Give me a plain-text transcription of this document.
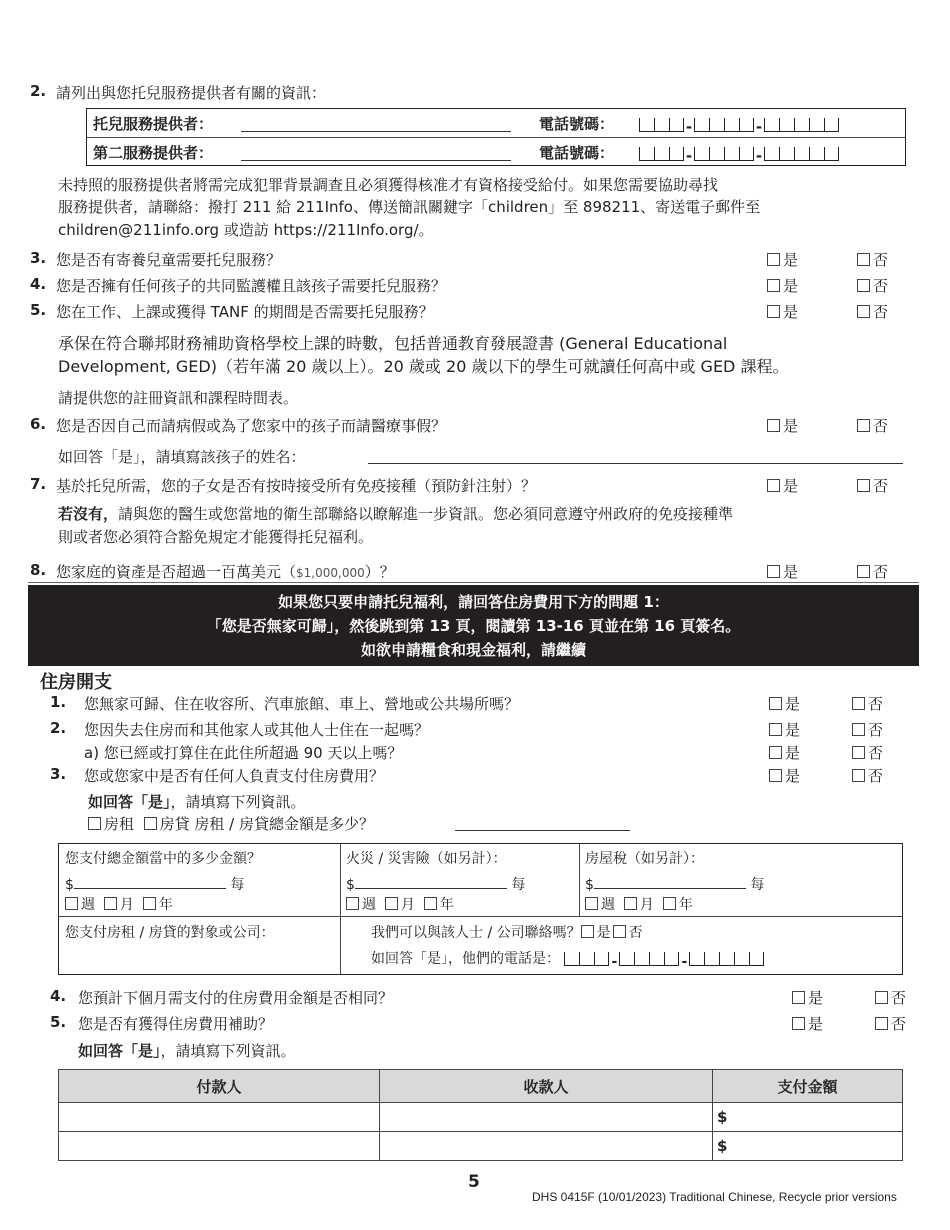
2. 請列出與您托兒服務提供者有關的資訊：
托兒服務提供者：	電話號碼：	-	-
第二服務提供者：	電話號碼：	-	-
未持照的服務提供者將需完成犯罪背景調查且必須獲得核准才有資格接受給付。如果您需要協助尋找
服務提供者，請聯絡：撥打 211 給 211Info、傳送簡訊關鍵字「children」至 898211、寄送電子郵件至
children@211info.org 或造訪 https://211Info.org/。
3. 您是否有寄養兒童需要托兒服務？	是	否
4. 您是否擁有任何孩子的共同監護權且該孩子需要托兒服務？	是	否
5. 您在工作、上課或獲得 TANF 的期間是否需要托兒服務？	是	否
承保在符合聯邦財務補助資格學校上課的時數，包括普通教育發展證書 (General Educational
Development, GED)（若年滿 20 歲以上）。20 歲或 20 歲以下的學生可就讀任何高中或 GED 課程。
請提供您的註冊資訊和課程時間表。
6. 您是否因自己而請病假或為了您家中的孩子而請醫療事假？	是	否
如回答「是」，請填寫該孩子的姓名：
7. 基於托兒所需，您的子女是否有按時接受所有免疫接種（預防針注射）？	是	否
若沒有，請與您的醫生或您當地的衛生部聯絡以瞭解進一步資訊。您必須同意遵守州政府的免疫接種準
則或者您必須符合豁免規定才能獲得托兒福利。
8. 您家庭的資產是否超過一百萬美元（$1,000,000）？	是	否
如果您只要申請托兒福利，請回答住房費用下方的問題 1：
「您是否無家可歸」，然後跳到第 13 頁，閱讀第 13-16 頁並在第 16 頁簽名。
如欲申請糧食和現金福利，請繼續
住房開支
1. 您無家可歸、住在收容所、汽車旅館、車上、營地或公共場所嗎？	是	否
2. 您因失去住房而和其他家人或其他人士住在一起嗎？	是	否
a) 您已經或打算住在此住所超過 90 天以上嗎？	是	否
3. 您或您家中是否有任何人負責支付住房費用？	是	否
如回答「是」，請填寫下列資訊。
房租 房貸 房租 / 房貸總金額是多少？
您支付總金額當中的多少金額？
$	每
週 月 年
火災 / 災害險（如另計）：
$	每
週 月 年
房屋稅（如另計）：
$	每
週 月 年
您支付房租 / 房貸的對象或公司：	我們可以與該人士 / 公司聯絡嗎？ 是 否
如回答「是」，他們的電話是：	-	-
4. 您預計下個月需支付的住房費用金額是否相同？	是	否
5. 您是否有獲得住房費用補助？	是	否
如回答「是」，請填寫下列資訊。
付款人	收款人	支付金額
		$
		$
5
DHS 0415F (10/01/2023) Traditional Chinese, Recycle prior versions
